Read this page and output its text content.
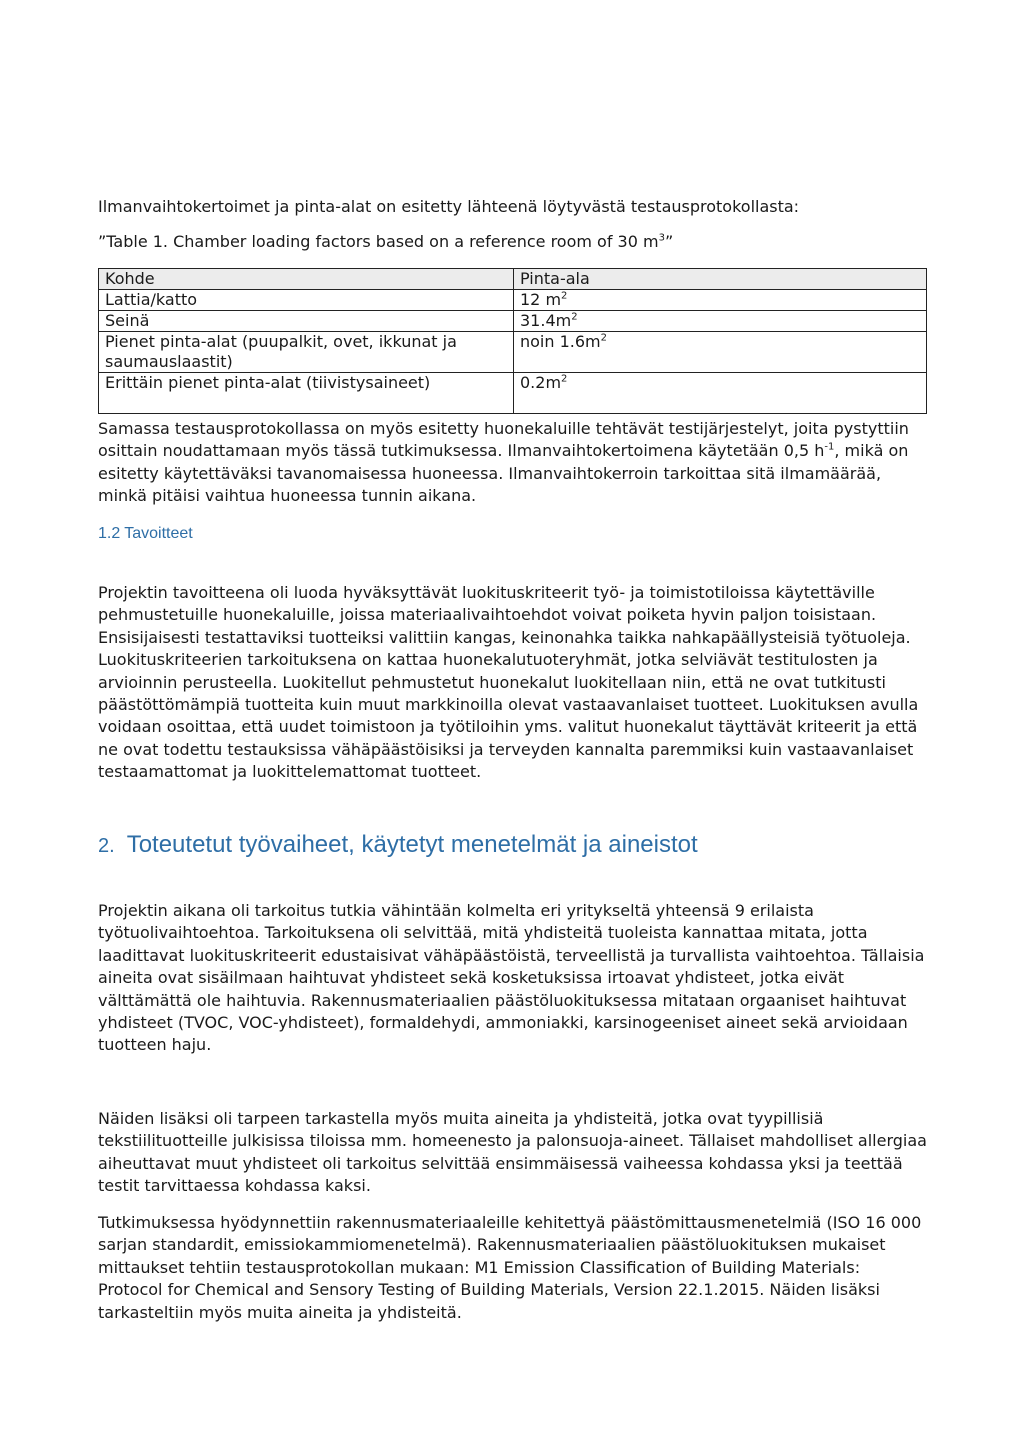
Ilmanvaihtokertoimet ja pinta-alat on esitetty lähteenä löytyvästä testausprotokollasta:

”Table 1. Chamber loading factors based on a reference room of 30 $m^3$”

Kohde	Pinta-ala
Lattia/katto	12 $m^2$
Seinä	$31.4m^2$
Pienet pinta-alat (puupalkit, ovet, ikkunat ja saumauslaastit)	noin $1.6m^2$
Erittäin pienet pinta-alat (tiivistysaineet)	$0.2m^2$

Samassa testausprotokollassa on myös esitetty huonekaluille tehtävät testijärjestelyt, joita pystyttiin osittain noudattamaan myös tässä tutkimuksessa. Ilmanvaihtokertoimena käytetään 0,5 $h^{-1}$, mikä on esitetty käytettäväksi tavanomaisessa huoneessa. Ilmanvaihtokerroin tarkoittaa sitä ilmamäärää, minkä pitäisi vaihtua huoneessa tunnin aikana.

1.2 Tavoitteet

Projektin tavoitteena oli luoda hyväksyttävät luokituskriteerit työ- ja toimistotiloissa käytettäville pehmustetuille huonekaluille, joissa materiaalivaihtoehdot voivat poiketa hyvin paljon toisistaan. Ensisijaisesti testattaviksi tuotteiksi valittiin kangas, keinonahka taikka nahkapäällysteisiä työtuoleja. Luokituskriteerien tarkoituksena on kattaa huonekalutuoteryhmät, jotka selviävät testitulosten ja arvioinnin perusteella. Luokitellut pehmustetut huonekalut luokitellaan niin, että ne ovat tutkitusti päästöttömämpiä tuotteita kuin muut markkinoilla olevat vastaavanlaiset tuotteet. Luokituksen avulla voidaan osoittaa, että uudet toimistoon ja työtiloihin yms. valitut huonekalut täyttävät kriteerit ja että ne ovat todettu testauksissa vähäpäästöisiksi ja terveyden kannalta paremmiksi kuin vastaavanlaiset testaamattomat ja luokittelemattomat tuotteet.

2. Toteutetut työvaiheet, käytetyt menetelmät ja aineistot

Projektin aikana oli tarkoitus tutkia vähintään kolmelta eri yritykseltä yhteensä 9 erilaista työtuolivaihtoehtoa. Tarkoituksena oli selvittää, mitä yhdisteitä tuoleista kannattaa mitata, jotta laadittavat luokituskriteerit edustaisivat vähäpäästöistä, terveellistä ja turvallista vaihtoehtoa. Tällaisia aineita ovat sisäilmaan haihtuvat yhdisteet sekä kosketuksissa irtoavat yhdisteet, jotka eivät välttämättä ole haihtuvia. Rakennusmateriaalien päästöluokituksessa mitataan orgaaniset haihtuvat yhdisteet (TVOC, VOC-yhdisteet), formaldehydi, ammoniakki, karsinogeeniset aineet sekä arvioidaan tuotteen haju.

Näiden lisäksi oli tarpeen tarkastella myös muita aineita ja yhdisteitä, jotka ovat tyypillisiä tekstiilituotteille julkisissa tiloissa mm. homeenesto ja palonsuoja-aineet. Tällaiset mahdolliset allergiaa aiheuttavat muut yhdisteet oli tarkoitus selvittää ensimmäisessä vaiheessa kohdassa yksi ja teettää testit tarvittaessa kohdassa kaksi.

Tutkimuksessa hyödynnettiin rakennusmateriaaleille kehitettyä päästömittausmenetelmiä (ISO 16 000 sarjan standardit, emissiokammiomenetelmä). Rakennusmateriaalien päästöluokituksen mukaiset mittaukset tehtiin testausprotokollan mukaan: M1 Emission Classification of Building Materials: Protocol for Chemical and Sensory Testing of Building Materials, Version 22.1.2015. Näiden lisäksi tarkasteltiin myös muita aineita ja yhdisteitä.
